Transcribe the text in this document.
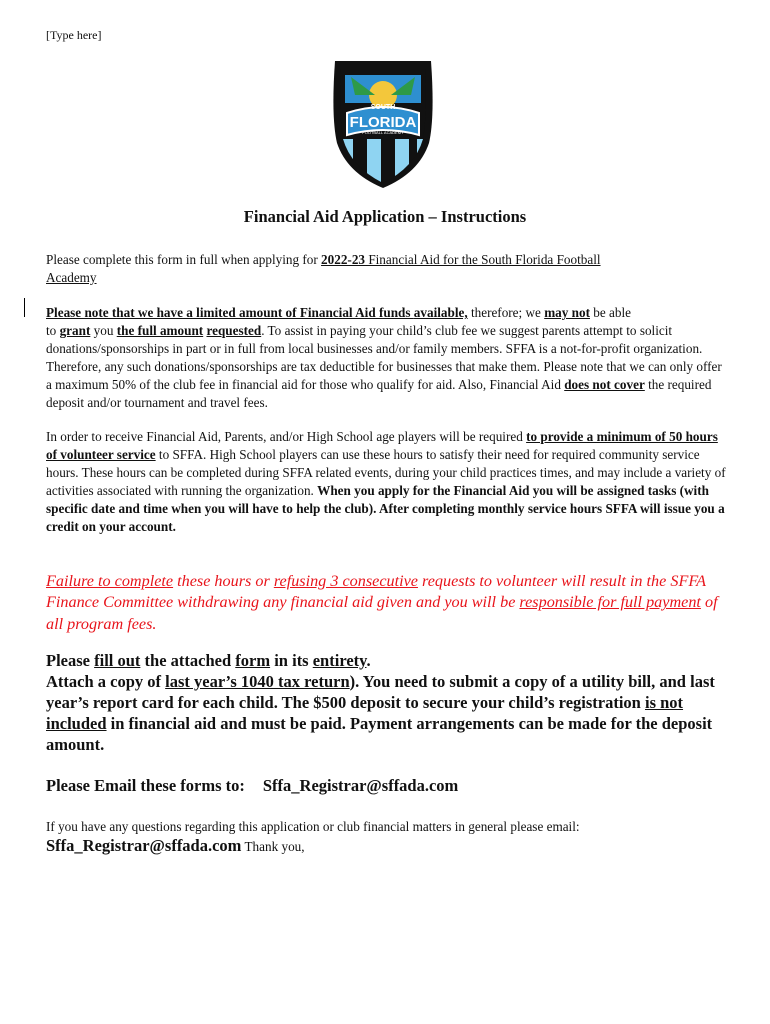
[Type here]
SOUTH
FLORIDA
FOOTBALL ACADEMY
Financial Aid Application – Instructions
Please complete this form in full when applying for 2022-23 Financial Aid for the South Florida Football
Academy
Please note that we have a limited amount of Financial Aid funds available, therefore; we may not be able
to grant you the full amount requested. To assist in paying your child’s club fee we suggest parents attempt to solicit donations/sponsorships in part or in full from local businesses and/or family members. SFFA is a not-for-profit organization. Therefore, any such donations/sponsorships are tax deductible for businesses that make them. Please note that we can only offer a maximum 50% of the club fee in financial aid for those who qualify for aid. Also, Financial Aid does not cover the required deposit and/or tournament and travel fees.
In order to receive Financial Aid, Parents, and/or High School age players will be required to provide a minimum of 50 hours of volunteer service to SFFA. High School players can use these hours to satisfy their need for required community service hours. These hours can be completed during SFFA related events, during your child practices times, and may include a variety of activities associated with running the organization. When you apply for the Financial Aid you will be assigned tasks (with specific date and time when you will have to help the club). After completing monthly service hours SFFA will issue you a credit on your account.
Failure to complete these hours or refusing 3 consecutive requests to volunteer will result in the SFFA Finance Committee withdrawing any financial aid given and you will be responsible for full payment of all program fees.
Please fill out the attached form in its entirety.
Attach a copy of last year’s 1040 tax return). You need to submit a copy of a utility bill, and last year’s report card for each child. The $500 deposit to secure your child’s registration is not included in financial aid and must be paid. Payment arrangements can be made for the deposit amount.
Please Email these forms to: Sffa_Registrar@sffada.com
If you have any questions regarding this application or club financial matters in general please email:
Sffa_Registrar@sffada.com Thank you,
